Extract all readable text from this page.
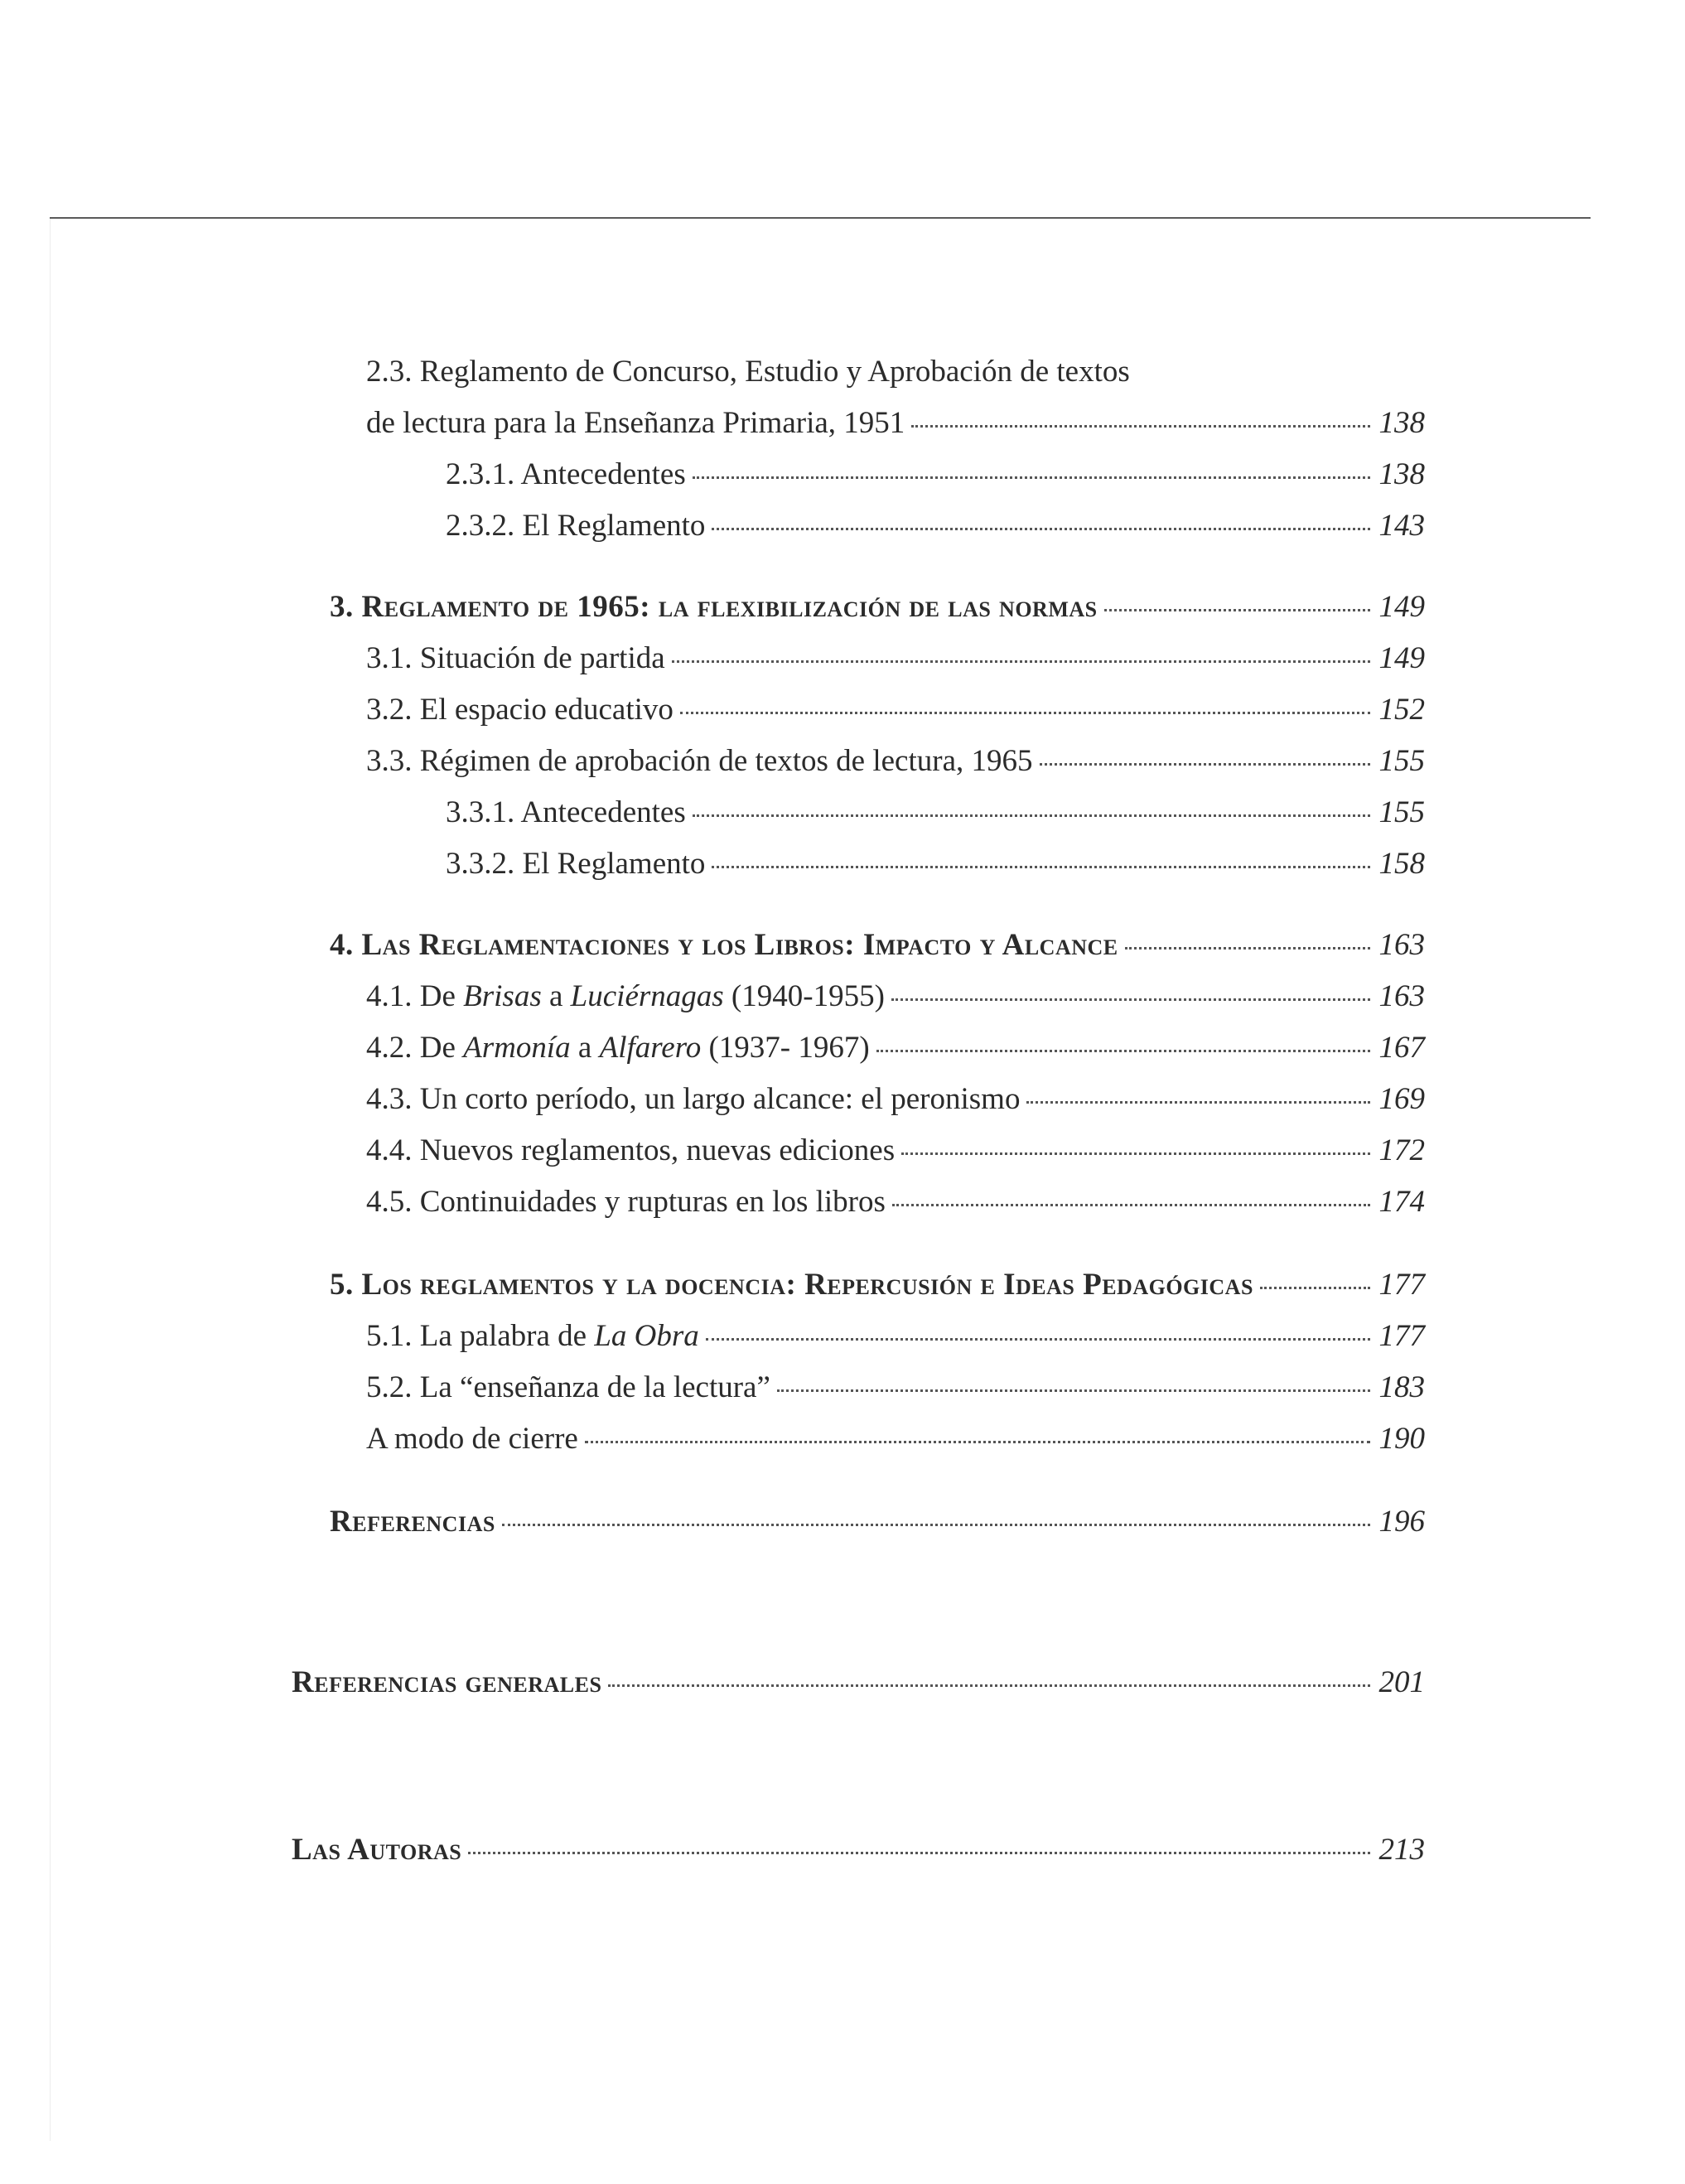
2.3. Reglamento de Concurso, Estudio y Aprobación de textos
de lectura para la Enseñanza Primaria, 1951	138
2.3.1. Antecedentes	138
2.3.2. El Reglamento	143
3. Reglamento de 1965: la flexibilización de las normas	149
3.1. Situación de partida	149
3.2. El espacio educativo	152
3.3. Régimen de aprobación de textos de lectura, 1965	155
3.3.1. Antecedentes	155
3.3.2. El Reglamento	158
4. Las Reglamentaciones y los Libros: Impacto y Alcance	163
4.1. De Brisas a Luciérnagas (1940-1955)	163
4.2. De Armonía a Alfarero (1937- 1967)	167
4.3. Un corto período, un largo alcance: el peronismo	169
4.4. Nuevos reglamentos, nuevas ediciones	172
4.5. Continuidades y rupturas en los libros	174
5. Los reglamentos y la docencia: Repercusión e Ideas Pedagógicas	177
5.1. La palabra de La Obra	177
5.2. La “enseñanza de la lectura”	183
A modo de cierre	190
Referencias	196
Referencias generales	201
Las Autoras	213
